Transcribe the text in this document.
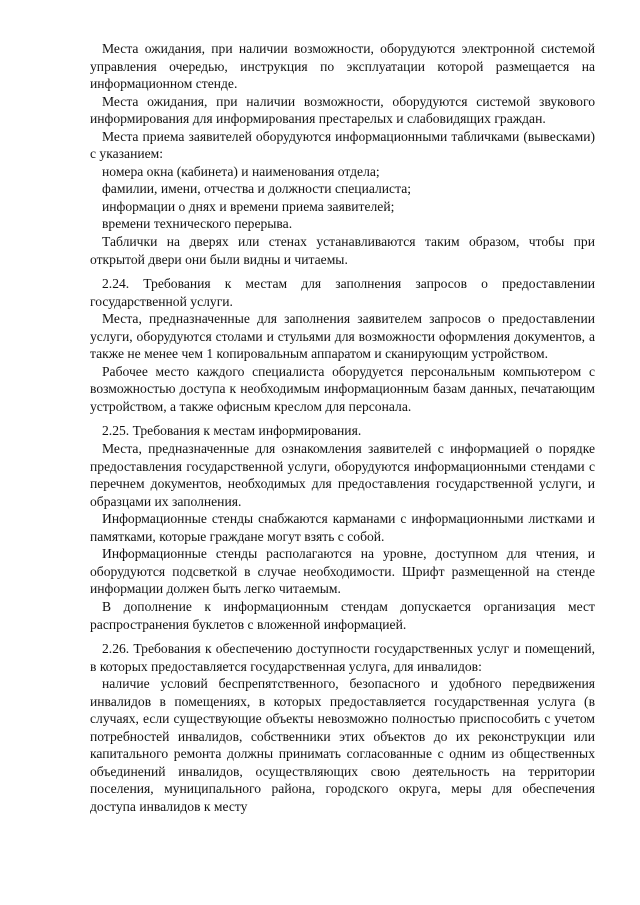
Места ожидания, при наличии возможности, оборудуются электронной системой управления очередью, инструкция по эксплуатации которой размещается на информационном стенде.

Места ожидания, при наличии возможности, оборудуются системой звукового информирования для информирования престарелых и слабовидящих граждан.

Места приема заявителей оборудуются информационными табличками (вывесками) с указанием:

номера окна (кабинета) и наименования отдела;

фамилии, имени, отчества и должности специалиста;

информации о днях и времени приема заявителей;

времени технического перерыва.

Таблички на дверях или стенах устанавливаются таким образом, чтобы при открытой двери они были видны и читаемы.

2.24. Требования к местам для заполнения запросов о предоставлении государственной услуги.

Места, предназначенные для заполнения заявителем запросов о предоставлении услуги, оборудуются столами и стульями для возможности оформления документов, а также не менее чем 1 копировальным аппаратом и сканирующим устройством.

Рабочее место каждого специалиста оборудуется персональным компьютером с возможностью доступа к необходимым информационным базам данных, печатающим устройством, а также офисным креслом для персонала.

2.25. Требования к местам информирования.

Места, предназначенные для ознакомления заявителей с информацией о порядке предоставления государственной услуги, оборудуются информационными стендами с перечнем документов, необходимых для предоставления государственной услуги, и образцами их заполнения.

Информационные стенды снабжаются карманами с информационными листками и памятками, которые граждане могут взять с собой.

Информационные стенды располагаются на уровне, доступном для чтения, и оборудуются подсветкой в случае необходимости. Шрифт размещенной на стенде информации должен быть легко читаемым.

В дополнение к информационным стендам допускается организация мест распространения буклетов с вложенной информацией.

2.26. Требования к обеспечению доступности государственных услуг и помещений, в которых предоставляется государственная услуга, для инвалидов:

наличие условий беспрепятственного, безопасного и удобного передвижения инвалидов в помещениях, в которых предоставляется государственная услуга (в случаях, если существующие объекты невозможно полностью приспособить с учетом потребностей инвалидов, собственники этих объектов до их реконструкции или капитального ремонта должны принимать согласованные с одним из общественных объединений инвалидов, осуществляющих свою деятельность на территории поселения, муниципального района, городского округа, меры для обеспечения доступа инвалидов к месту
